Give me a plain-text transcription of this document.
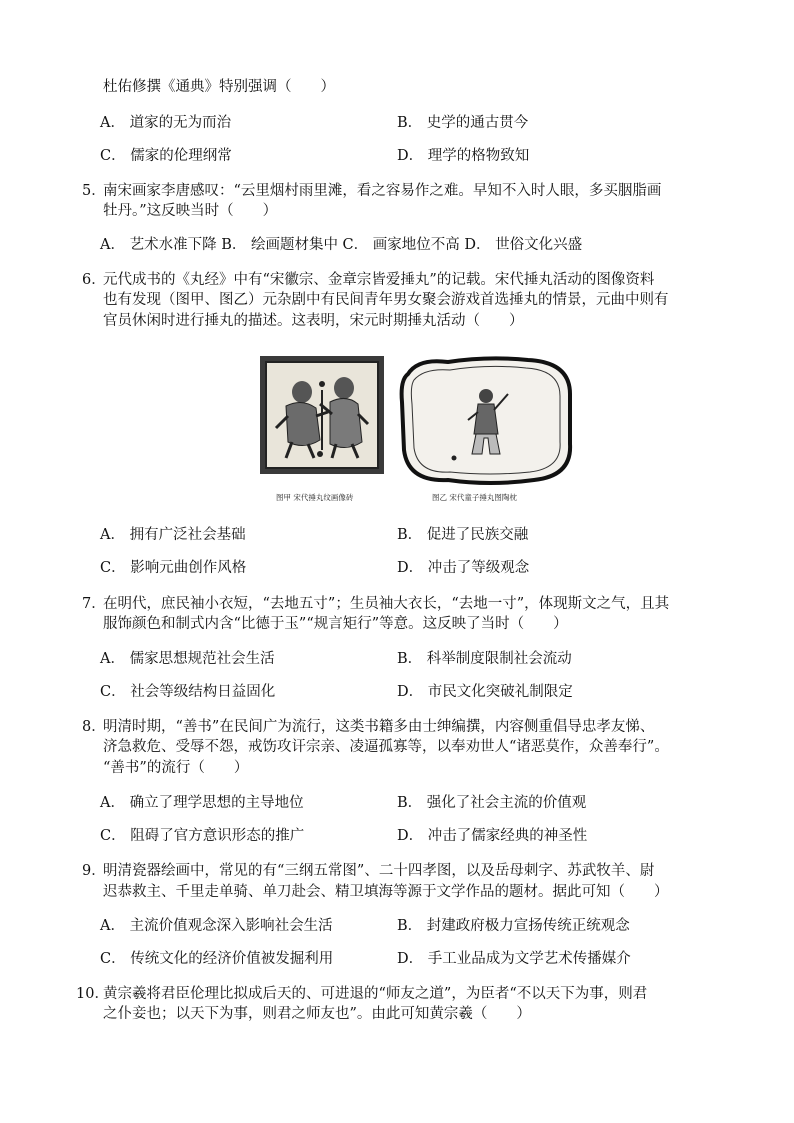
杜佑修撰《通典》特别强调（　　）
A． 道家的无为而治	B． 史学的通古贯今
C． 儒家的伦理纲常	D． 理学的格物致知
5．
南宋画家李唐感叹：“云里烟村雨里滩，看之容易作之难。早知不入时人眼，多买胭脂画
牡丹。”这反映当时（　　）
A． 艺术水准下降 B． 绘画题材集中 C． 画家地位不高 D． 世俗文化兴盛
6．
元代成书的《丸经》中有“宋徽宗、金章宗皆爱捶丸”的记载。宋代捶丸活动的图像资料
也有发现（图甲、图乙）元杂剧中有民间青年男女聚会游戏首选捶丸的情景，元曲中则有
官员休闲时进行捶丸的描述。这表明，宋元时期捶丸活动（　　）
图甲 宋代捶丸纹画像砖	图乙 宋代童子捶丸图陶枕
A． 拥有广泛社会基础	B． 促进了民族交融
C． 影响元曲创作风格	D． 冲击了等级观念
7．
在明代，庶民袖小衣短，“去地五寸”；生员袖大衣长，“去地一寸”，体现斯文之气，且其
服饰颜色和制式内含“比德于玉”“规言矩行”等意。这反映了当时（　　）
A． 儒家思想规范社会生活	B． 科举制度限制社会流动
C． 社会等级结构日益固化	D． 市民文化突破礼制限定
8．
明清时期，“善书”在民间广为流行，这类书籍多由士绅编撰，内容侧重倡导忠孝友悌、
济急救危、受辱不怨，戒饬攻讦宗亲、凌逼孤寡等，以奉劝世人“诸恶莫作，众善奉行”。
“善书”的流行（　　）
A． 确立了理学思想的主导地位	B． 强化了社会主流的价值观
C． 阻碍了官方意识形态的推广	D． 冲击了儒家经典的神圣性
9．
明清瓷器绘画中，常见的有“三纲五常图”、二十四孝图，以及岳母刺字、苏武牧羊、尉
迟恭救主、千里走单骑、单刀赴会、精卫填海等源于文学作品的题材。据此可知（　　）
A． 主流价值观念深入影响社会生活	B． 封建政府极力宣扬传统正统观念
C． 传统文化的经济价值被发掘利用	D． 手工业品成为文学艺术传播媒介
10．
黄宗羲将君臣伦理比拟成后天的、可进退的“师友之道”，为臣者“不以天下为事，则君
之仆妾也；以天下为事，则君之师友也”。由此可知黄宗羲（　　）
